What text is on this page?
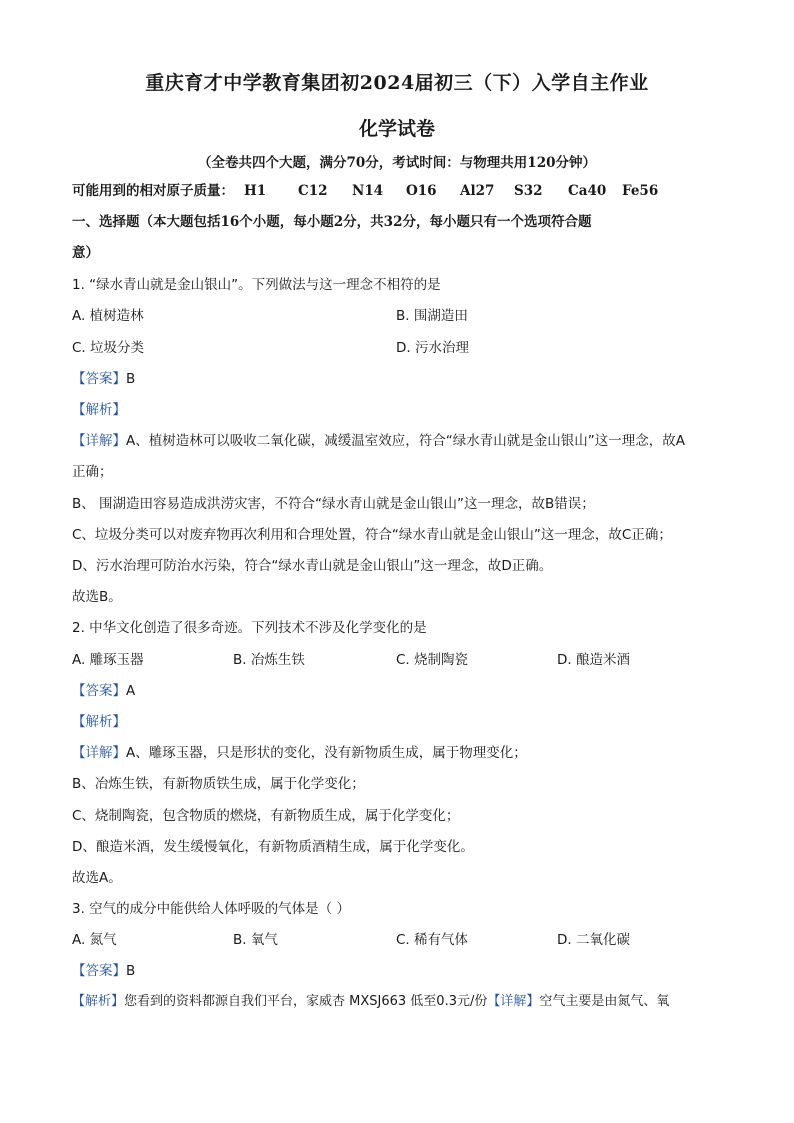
重庆育才中学教育集团初2024届初三（下）入学自主作业
化学试卷
（全卷共四个大题，满分70分，考试时间：与物理共用120分钟）
可能用到的相对原子质量： H1	C12	N14	O16	Al27	S32	Ca40	Fe56
一、选择题（本大题包括16个小题，每小题2分，共32分，每小题只有一个选项符合题
意）
1. “绿水青山就是金山银山”。下列做法与这一理念不相符的是
A. 植树造林	B. 围湖造田
C. 垃圾分类	D. 污水治理
【答案】B
【解析】
【详解】A、植树造林可以吸收二氧化碳，减缓温室效应，符合“绿水青山就是金山银山”这一理念，故A
正确；
B、 围湖造田容易造成洪涝灾害，不符合“绿水青山就是金山银山”这一理念，故B错误；
C、垃圾分类可以对废弃物再次利用和合理处置，符合“绿水青山就是金山银山”这一理念，故C正确；
D、污水治理可防治水污染，符合“绿水青山就是金山银山”这一理念，故D正确。
故选B。
2. 中华文化创造了很多奇迹。下列技术不涉及化学变化的是
A. 雕琢玉器	B. 冶炼生铁	C. 烧制陶瓷	D. 酿造米酒
【答案】A
【解析】
【详解】A、雕琢玉器，只是形状的变化，没有新物质生成，属于物理变化；
B、冶炼生铁，有新物质铁生成，属于化学变化；
C、烧制陶瓷，包含物质的燃烧，有新物质生成，属于化学变化；
D、酿造米酒，发生缓慢氧化，有新物质酒精生成，属于化学变化。
故选A。
3. 空气的成分中能供给人体呼吸的气体是（ ）
A. 氮气	B. 氧气	C. 稀有气体	D. 二氧化碳
【答案】B
【解析】您看到的资料都源自我们平台，家威杏 MXSJ663 低至0.3元/份【详解】空气主要是由氮气、氧
